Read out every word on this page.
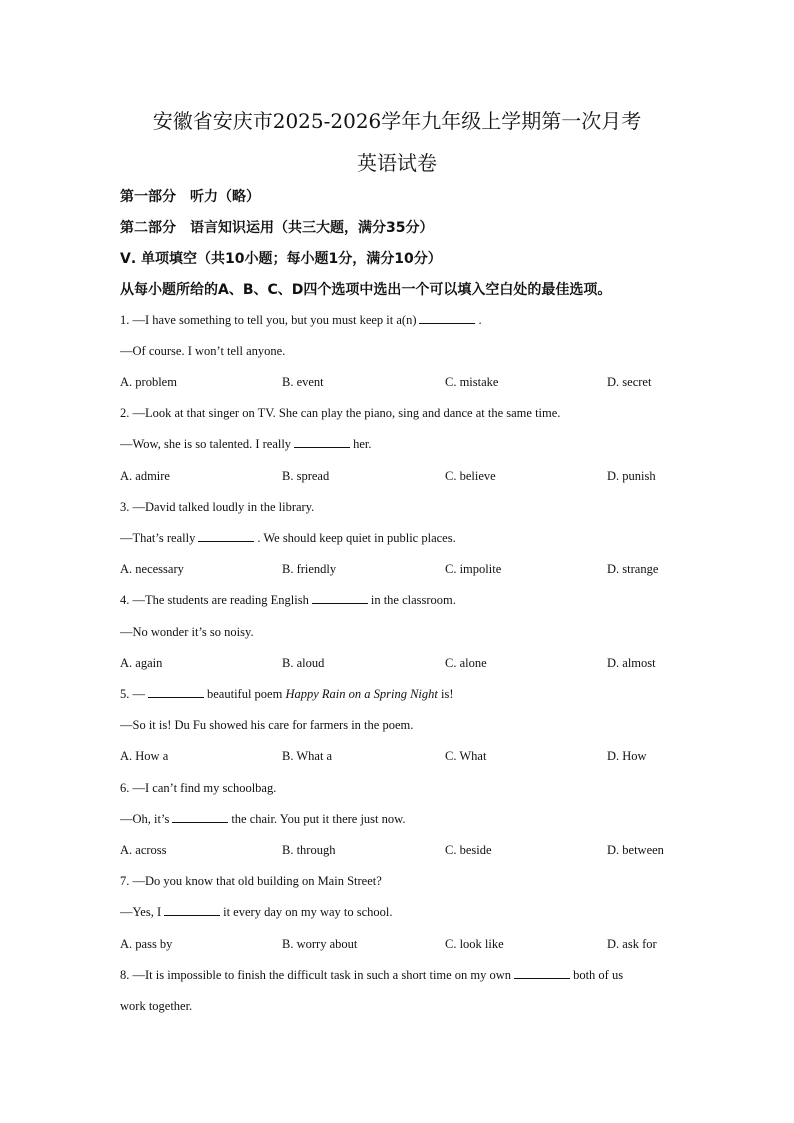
安徽省安庆市2025-2026学年九年级上学期第一次月考
英语试卷
第一部分　听力（略）
第二部分　语言知识运用（共三大题，满分35分）
Ⅴ. 单项填空（共10小题；每小题1分，满分10分）
从每小题所给的A、B、C、D四个选项中选出一个可以填入空白处的最佳选项。
1. —I have something to tell you, but you must keep it a(n)	.
—Of course. I won’t tell anyone.
A. problem	B. event	C. mistake	D. secret
2. —Look at that singer on TV. She can play the piano, sing and dance at the same time.
—Wow, she is so talented. I really	her.
A. admire	B. spread	C. believe	D. punish
3. —David talked loudly in the library.
—That’s really	. We should keep quiet in public places.
A. necessary	B. friendly	C. impolite	D. strange
4. —The students are reading English	in the classroom.
—No wonder it’s so noisy.
A. again	B. aloud	C. alone	D. almost
5. —	beautiful poem Happy Rain on a Spring Night is!
—So it is! Du Fu showed his care for farmers in the poem.
A. How a	B. What a	C. What	D. How
6. —I can’t find my schoolbag.
—Oh, it’s	the chair. You put it there just now.
A. across	B. through	C. beside	D. between
7. —Do you know that old building on Main Street?
—Yes, I	it every day on my way to school.
A. pass by	B. worry about	C. look like	D. ask for
8. —It is impossible to finish the difficult task in such a short time on my own	both of us
work together.
